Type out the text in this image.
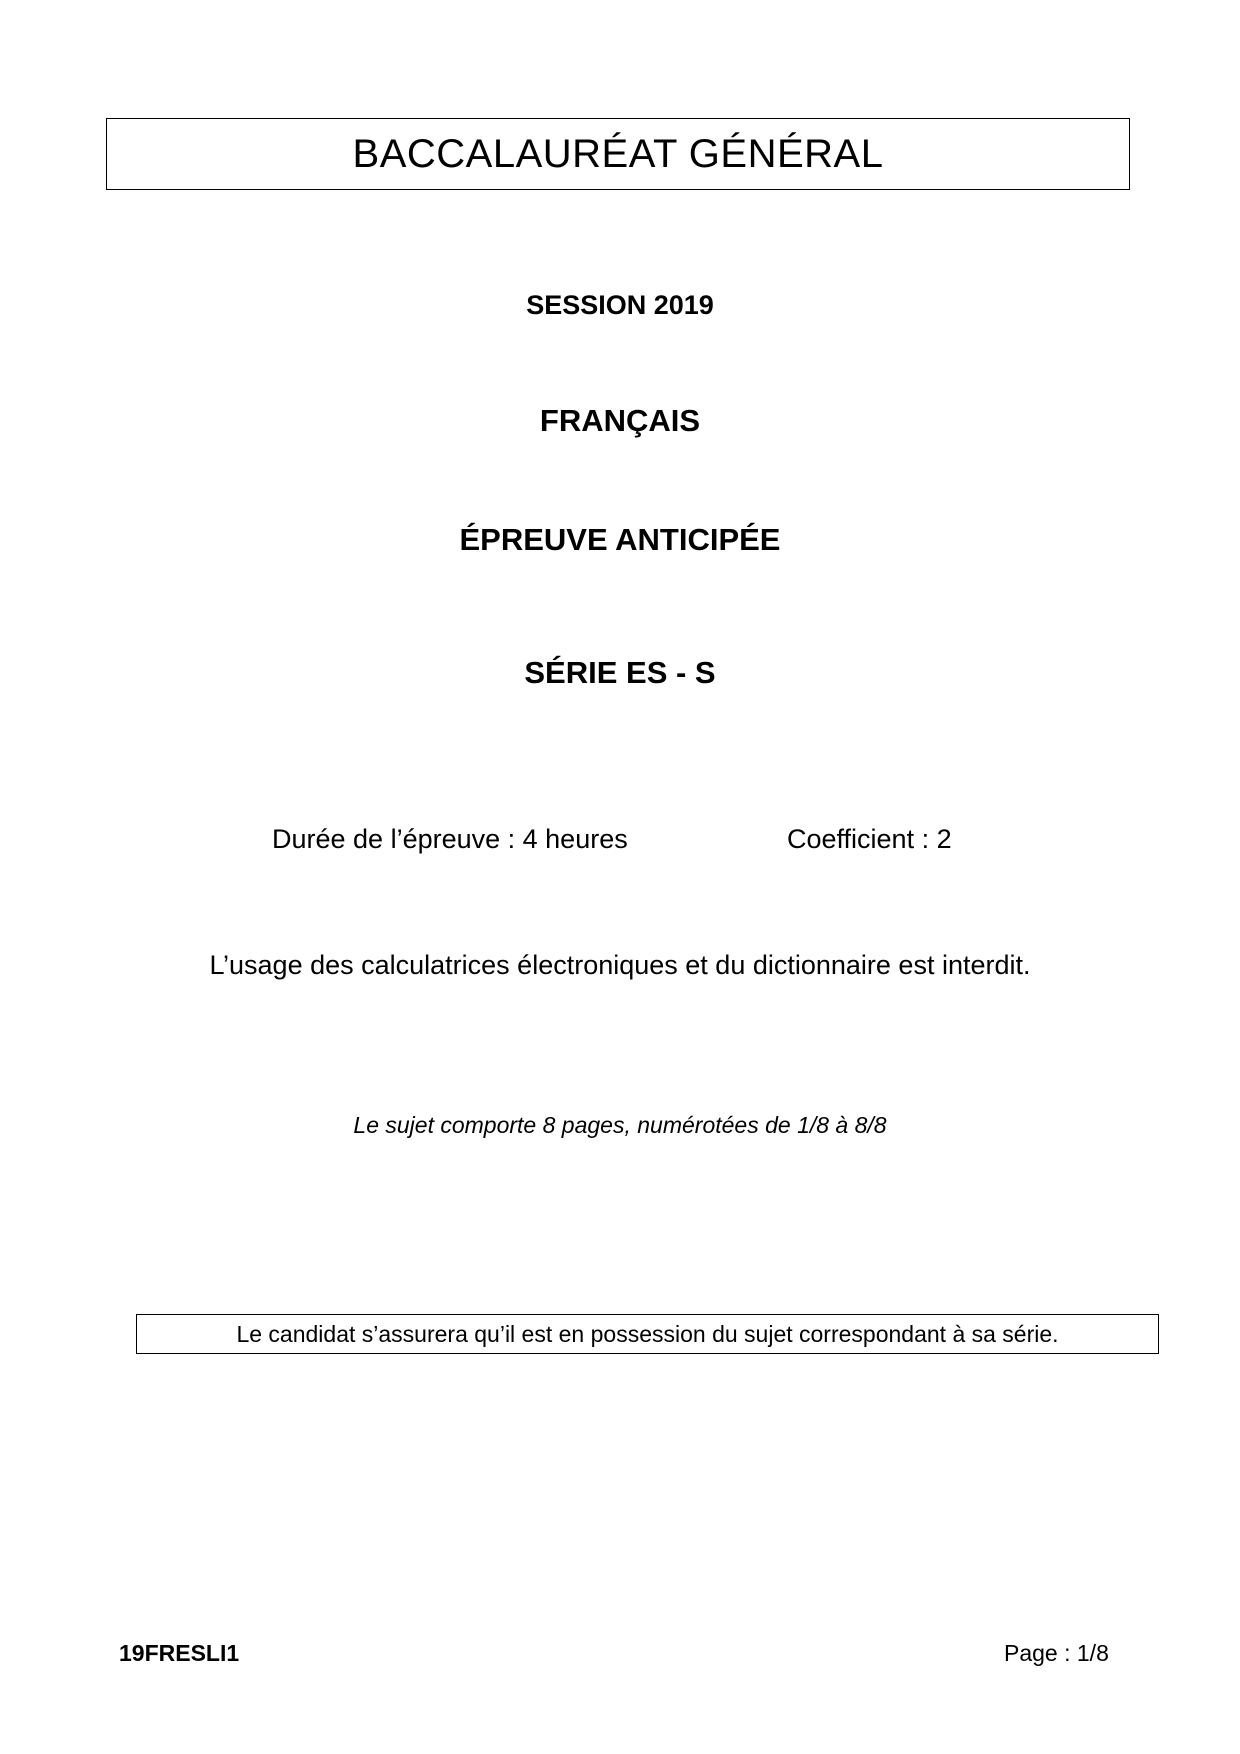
BACCALAURÉAT GÉNÉRAL
SESSION 2019
FRANÇAIS
ÉPREUVE ANTICIPÉE
SÉRIE ES - S
Durée de l’épreuve : 4 heures	Coefficient : 2
L’usage des calculatrices électroniques et du dictionnaire est interdit.
Le sujet comporte 8 pages, numérotées de 1/8 à 8/8
Le candidat s’assurera qu’il est en possession du sujet correspondant à sa série.
19FRESLI1	Page : 1/8
